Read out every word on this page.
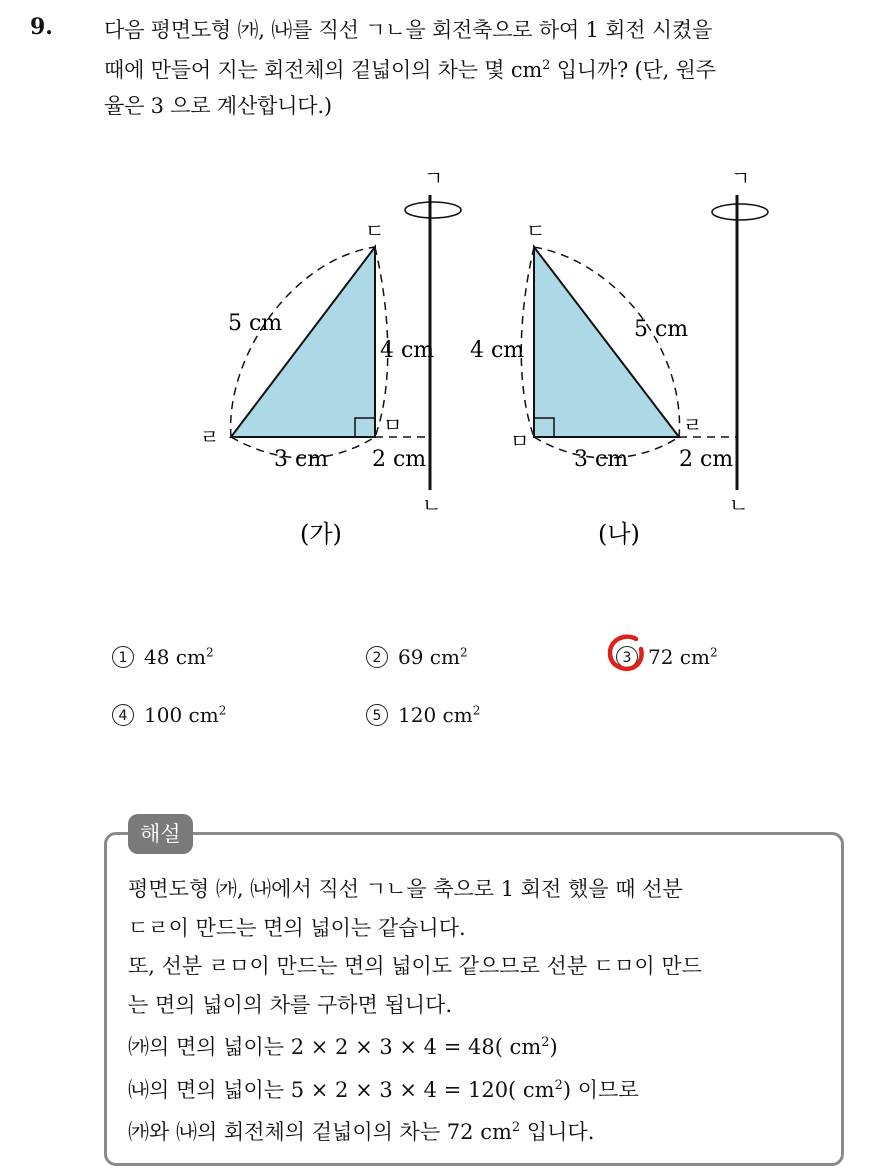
9. 다음 평면도형 ㈎, ㈏를 직선 ㄱㄴ을 회전축으로 하여 1 회전 시켰을
때에 만들어 지는 회전체의 겉넓이의 차는 몇 $cm^2$ 입니까? (단, 원주
율은 3 으로 계산합니다.)
ㄱ
ㄴ
ㄷ
ㄹ	ㅁ
5 cm
4 cm
3 cm 2 cm
(가)
ㄱ
ㄴ
ㄷ
ㅁ
ㄹ
5 cm
4 cm
3 cm 2 cm
(나)
1 48 $cm^2$	2 69 $cm^2$	3 72 $cm^2$
4 100 $cm^2$	5 120 $cm^2$
해설
평면도형 ㈎, ㈏에서 직선 ㄱㄴ을 축으로 1 회전 했을 때 선분
ㄷㄹ이 만드는 면의 넓이는 같습니다.
또, 선분 ㄹㅁ이 만드는 면의 넓이도 같으므로 선분 ㄷㅁ이 만드
는 면의 넓이의 차를 구하면 됩니다.
㈎의 면의 넓이는 2 × 2 × 3 × 4 = 48( $cm^2$)
㈏의 면의 넓이는 5 × 2 × 3 × 4 = 120( $cm^2$) 이므로
㈎와 ㈏의 회전체의 겉넓이의 차는 72 $cm^2$ 입니다.
